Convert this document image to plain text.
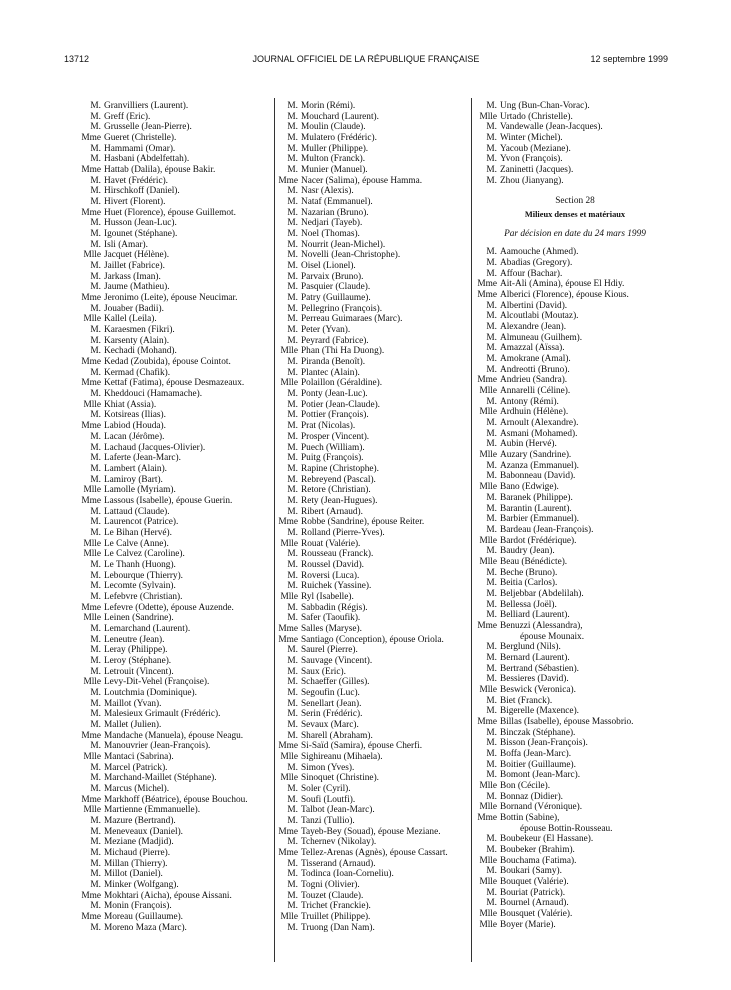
13712	JOURNAL OFFICIEL DE LA RÉPUBLIQUE FRANÇAISE	12 septembre 1999
M. Granvilliers (Laurent).
M. Greff (Eric).
M. Grusselle (Jean-Pierre).
Mme Gueret (Christelle).
M. Hammami (Omar).
M. Hasbani (Abdelfettah).
Mme Hattab (Dalila), épouse Bakir.
M. Havet (Frédéric).
M. Hirschkoff (Daniel).
M. Hivert (Florent).
Mme Huet (Florence), épouse Guillemot.
M. Husson (Jean-Luc).
M. Igounet (Stéphane).
M. Isli (Amar).
Mlle Jacquet (Hélène).
M. Jaillet (Fabrice).
M. Jarkass (Iman).
M. Jaume (Mathieu).
Mme Jeronimo (Leite), épouse Neucimar.
M. Jouaber (Badii).
Mlle Kallel (Leila).
M. Karaesmen (Fikri).
M. Karsenty (Alain).
M. Kechadi (Mohand).
Mme Kedad (Zoubida), épouse Cointot.
M. Kermad (Chafik).
Mme Kettaf (Fatima), épouse Desmazeaux.
M. Kheddouci (Hamamache).
Mlle Khiat (Assia).
M. Kotsireas (Ilias).
Mme Labiod (Houda).
M. Lacan (Jérôme).
M. Lachaud (Jacques-Olivier).
M. Laferte (Jean-Marc).
M. Lambert (Alain).
M. Lamiroy (Bart).
Mlle Lamolle (Myriam).
Mme Lassous (Isabelle), épouse Guerin.
M. Lattaud (Claude).
M. Laurencot (Patrice).
M. Le Bihan (Hervé).
Mlle Le Calve (Anne).
Mlle Le Calvez (Caroline).
M. Le Thanh (Huong).
M. Lebourque (Thierry).
M. Lecomte (Sylvain).
M. Lefebvre (Christian).
Mme Lefevre (Odette), épouse Auzende.
Mlle Leinen (Sandrine).
M. Lemarchand (Laurent).
M. Leneutre (Jean).
M. Leray (Philippe).
M. Leroy (Stéphane).
M. Letrouit (Vincent).
Mlle Levy-Dit-Vehel (Françoise).
M. Loutchmia (Dominique).
M. Maillot (Yvan).
M. Malesieux Grimault (Frédéric).
M. Mallet (Julien).
Mme Mandache (Manuela), épouse Neagu.
M. Manouvrier (Jean-François).
Mlle Mantaci (Sabrina).
M. Marcel (Patrick).
M. Marchand-Maillet (Stéphane).
M. Marcus (Michel).
Mme Markhoff (Béatrice), épouse Bouchou.
Mlle Martienne (Emmanuelle).
M. Mazure (Bertrand).
M. Meneveaux (Daniel).
M. Meziane (Madjid).
M. Michaud (Pierre).
M. Millan (Thierry).
M. Millot (Daniel).
M. Minker (Wolfgang).
Mme Mokhtari (Aicha), épouse Aissani.
M. Monin (François).
Mme Moreau (Guillaume).
M. Moreno Maza (Marc).
M. Morin (Rémi).
M. Mouchard (Laurent).
M. Moulin (Claude).
M. Mulatero (Frédéric).
M. Muller (Philippe).
M. Multon (Franck).
M. Munier (Manuel).
Mme Nacer (Salima), épouse Hamma.
M. Nasr (Alexis).
M. Nataf (Emmanuel).
M. Nazarian (Bruno).
M. Nedjari (Tayeb).
M. Noel (Thomas).
M. Nourrit (Jean-Michel).
M. Novelli (Jean-Christophe).
M. Oisel (Lionel).
M. Parvaix (Bruno).
M. Pasquier (Claude).
M. Patry (Guillaume).
M. Pellegrino (François).
M. Perreau Guimaraes (Marc).
M. Peter (Yvan).
M. Peyrard (Fabrice).
Mlle Phan (Thi Ha Duong).
M. Piranda (Benoît).
M. Plantec (Alain).
Mlle Polaillon (Géraldine).
M. Ponty (Jean-Luc).
M. Potier (Jean-Claude).
M. Pottier (François).
M. Prat (Nicolas).
M. Prosper (Vincent).
M. Puech (William).
M. Puitg (François).
M. Rapine (Christophe).
M. Rebreyend (Pascal).
M. Retore (Christian).
M. Rety (Jean-Hugues).
M. Ribert (Arnaud).
Mme Robbe (Sandrine), épouse Reiter.
M. Rolland (Pierre-Yves).
Mlle Rouat (Valérie).
M. Rousseau (Franck).
M. Roussel (David).
M. Roversi (Luca).
M. Ruichek (Yassine).
Mlle Ryl (Isabelle).
M. Sabbadin (Régis).
M. Safer (Taoufik).
Mme Salles (Maryse).
Mme Santiago (Conception), épouse Oriola.
M. Saurel (Pierre).
M. Sauvage (Vincent).
M. Saux (Eric).
M. Schaeffer (Gilles).
M. Segoufin (Luc).
M. Senellart (Jean).
M. Serin (Frédéric).
M. Sevaux (Marc).
M. Sharell (Abraham).
Mme Si-Saïd (Samira), épouse Cherfi.
Mlle Sighireanu (Mihaela).
M. Simon (Yves).
Mlle Sinoquet (Christine).
M. Soler (Cyril).
M. Soufi (Loutfi).
M. Talbot (Jean-Marc).
M. Tanzi (Tullio).
Mme Tayeb-Bey (Souad), épouse Meziane.
M. Tchernev (Nikolay).
Mme Tellez-Arenas (Agnès), épouse Cassart.
M. Tisserand (Arnaud).
M. Todinca (Ioan-Corneliu).
M. Togni (Olivier).
M. Touzet (Claude).
M. Trichet (Franckie).
Mlle Truillet (Philippe).
M. Truong (Dan Nam).
M. Ung (Bun-Chan-Vorac).
Mlle Urtado (Christelle).
M. Vandewalle (Jean-Jacques).
M. Winter (Michel).
M. Yacoub (Meziane).
M. Yvon (François).
M. Zaninetti (Jacques).
M. Zhou (Jianyang).
Section 28
Milieux denses et matériaux
Par décision en date du 24 mars 1999
M. Aamouche (Ahmed).
M. Abadias (Gregory).
M. Affour (Bachar).
Mme Ait-Ali (Amina), épouse El Hdiy.
Mme Alberici (Florence), épouse Kious.
M. Albertini (David).
M. Alcoutlabi (Moutaz).
M. Alexandre (Jean).
M. Almuneau (Guilhem).
M. Amazzal (Aïssa).
M. Amokrane (Amal).
M. Andreotti (Bruno).
Mme Andrieu (Sandra).
Mlle Annarelli (Céline).
M. Antony (Rémi).
Mlle Ardhuin (Hélène).
M. Arnoult (Alexandre).
M. Asmani (Mohamed).
M. Aubin (Hervé).
Mlle Auzary (Sandrine).
M. Azanza (Emmanuel).
M. Babonneau (David).
Mlle Bano (Edwige).
M. Baranek (Philippe).
M. Barantin (Laurent).
M. Barbier (Emmanuel).
M. Bardeau (Jean-François).
Mlle Bardot (Frédérique).
M. Baudry (Jean).
Mlle Beau (Bénédicte).
M. Beche (Bruno).
M. Beitia (Carlos).
M. Beljebbar (Abdelilah).
M. Bellessa (Joël).
M. Belliard (Laurent).
Mme Benuzzi (Alessandra),
épouse Mounaix.
M. Berglund (Nils).
M. Bernard (Laurent).
M. Bertrand (Sébastien).
M. Bessieres (David).
Mlle Beswick (Veronica).
M. Biet (Franck).
M. Bigerelle (Maxence).
Mme Billas (Isabelle), épouse Massobrio.
M. Binczak (Stéphane).
M. Bisson (Jean-François).
M. Boffa (Jean-Marc).
M. Boitier (Guillaume).
M. Bomont (Jean-Marc).
Mlle Bon (Cécile).
M. Bonnaz (Didier).
Mlle Bornand (Véronique).
Mme Bottin (Sabine),
épouse Bottin-Rousseau.
M. Boubekeur (El Hassane).
M. Boubeker (Brahim).
Mlle Bouchama (Fatima).
M. Boukari (Samy).
Mlle Bouquet (Valérie).
M. Bouriat (Patrick).
M. Bournel (Arnaud).
Mlle Bousquet (Valérie).
Mlle Boyer (Marie).
